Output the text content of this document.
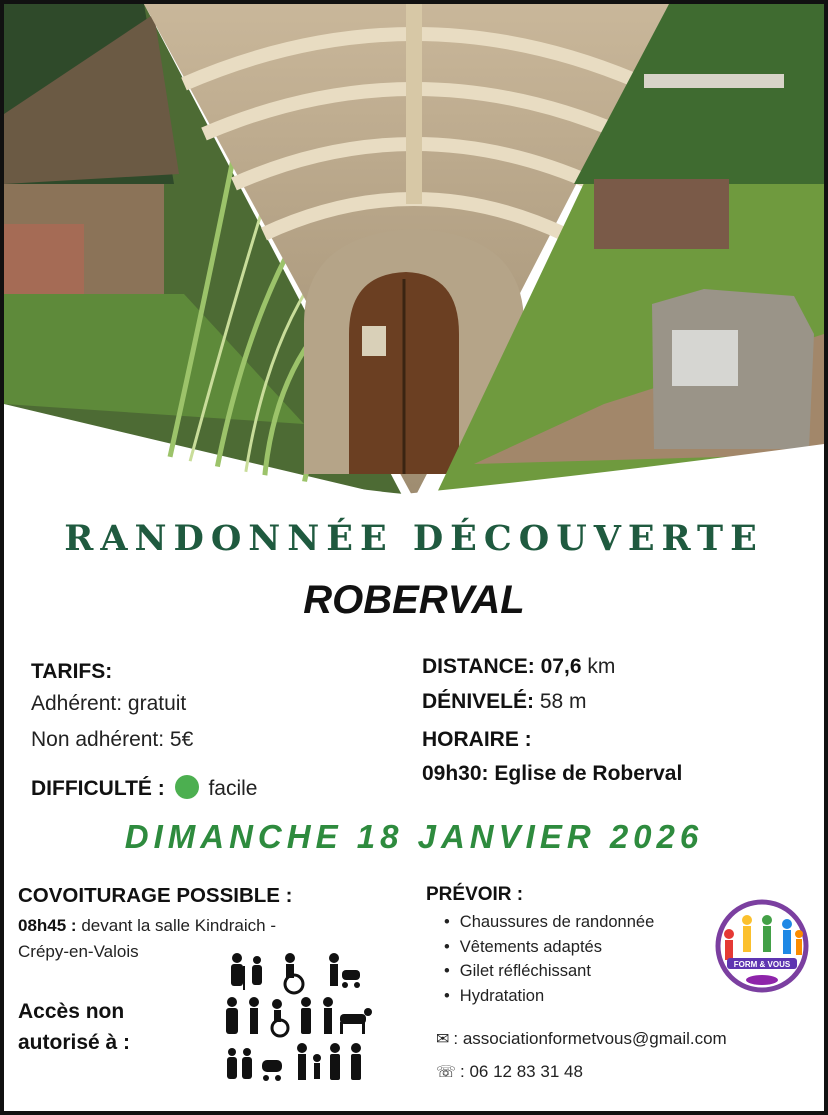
RANDONNÉE DÉCOUVERTE
ROBERVAL
TARIFS:
Adhérent: gratuit
Non adhérent: 5€
DIFFICULTÉ : facile
DISTANCE: 07,6 km
DÉNIVELÉ: 58 m
HORAIRE :
09h30: Eglise de Roberval
DIMANCHE 18 JANVIER 2026
COVOITURAGE POSSIBLE :
08h45 : devant la salle Kindraich -
Crépy-en-Valois
Accès non
autorisé à :
PRÉVOIR :
• Chaussures de randonnée
• Vêtements adaptés
• Gilet réfléchissant
• Hydratation
FORM & VOUS
✉ : associationformetvous@gmail.com
☏ : 06 12 83 31 48
